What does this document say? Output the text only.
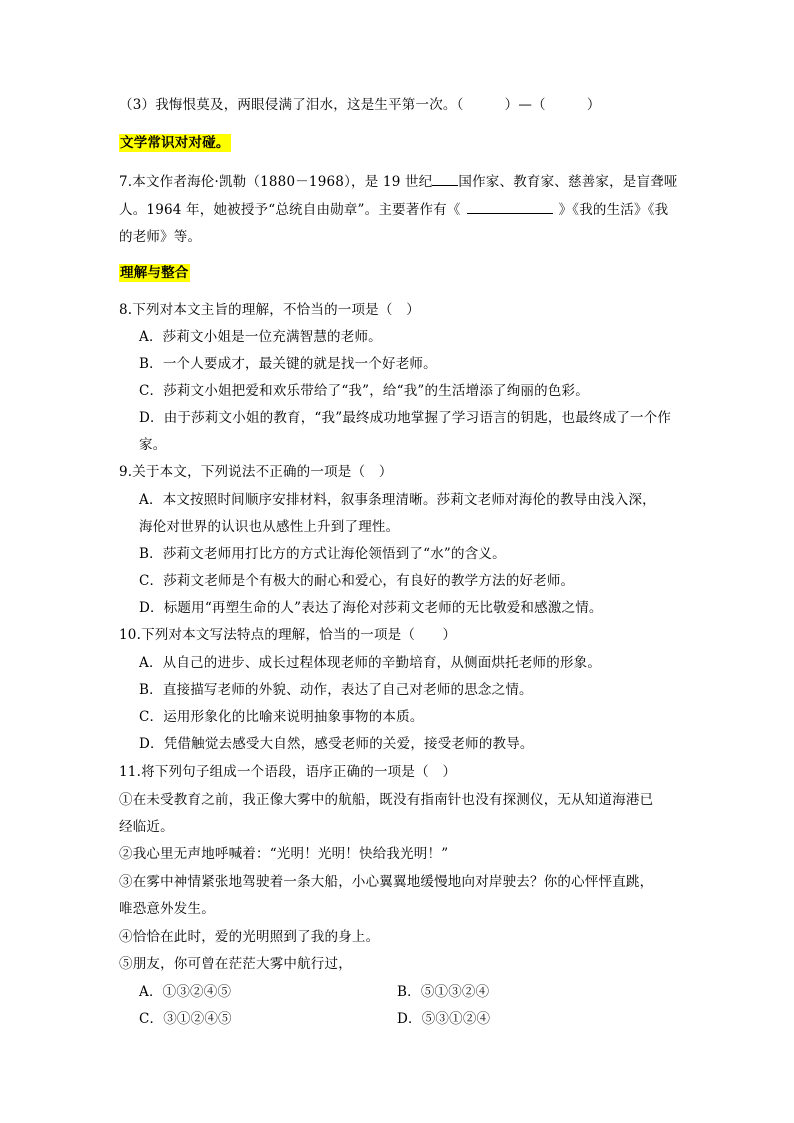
（3）我悔恨莫及，两眼侵满了泪水，这是生平第一次。（　　　）—（　　　）
文学常识对对碰。
7.本文作者海伦·凯勒（1880－1968），是 19 世纪 国作家、教育家、慈善家，是盲聋哑
人。1964 年，她被授予“总统自由勋章”。主要著作有《	》《我的生活》《我
的老师》等。
理解与整合
8.下列对本文主旨的理解，不恰当的一项是（　）
A．莎莉文小姐是一位充满智慧的老师。
B．一个人要成才，最关键的就是找一个好老师。
C．莎莉文小姐把爱和欢乐带给了“我”，给“我”的生活增添了绚丽的色彩。
D．由于莎莉文小姐的教育，“我”最终成功地掌握了学习语言的钥匙，也最终成了一个作
家。
9.关于本文，下列说法不正确的一项是（　）
A．本文按照时间顺序安排材料，叙事条理清晰。莎莉文老师对海伦的教导由浅入深，
海伦对世界的认识也从感性上升到了理性。
B．莎莉文老师用打比方的方式让海伦领悟到了“水”的含义。
C．莎莉文老师是个有极大的耐心和爱心，有良好的教学方法的好老师。
D．标题用“再塑生命的人”表达了海伦对莎莉文老师的无比敬爱和感激之情。
10.下列对本文写法特点的理解，恰当的一项是（　　）
A．从自己的进步、成长过程体现老师的辛勤培育，从侧面烘托老师的形象。
B．直接描写老师的外貌、动作，表达了自己对老师的思念之情。
C．运用形象化的比喻来说明抽象事物的本质。
D．凭借触觉去感受大自然，感受老师的关爱，接受老师的教导。
11.将下列句子组成一个语段，语序正确的一项是（　）
①在未受教育之前，我正像大雾中的航船，既没有指南针也没有探测仪，无从知道海港已
经临近。
②我心里无声地呼喊着：“光明！光明！快给我光明！”
③在雾中神情紧张地驾驶着一条大船，小心翼翼地缓慢地向对岸驶去？你的心怦怦直跳，
唯恐意外发生。
④恰恰在此时，爱的光明照到了我的身上。
⑤朋友，你可曾在茫茫大雾中航行过，
A．①③②④⑤	B．⑤①③②④
C．③①②④⑤	D．⑤③①②④
